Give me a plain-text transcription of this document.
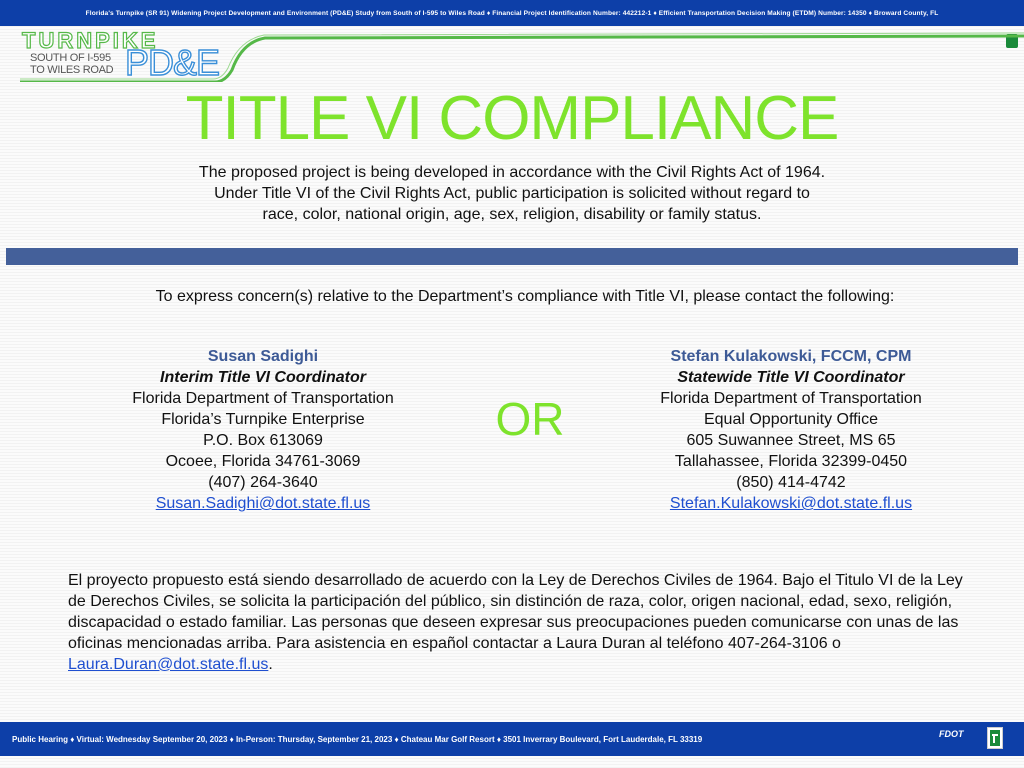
Florida's Turnpike (SR 91) Widening Project Development and Environment (PD&E) Study from South of I-595 to Wiles Road ♦ Financial Project Identification Number: 442212-1 ♦ Efficient Transportation Decision Making (ETDM) Number: 14350 ♦ Broward County, FL
TURNPIKE
SOUTH OF I-595
TO WILES ROAD PD&E
TITLE VI COMPLIANCE
The proposed project is being developed in accordance with the Civil Rights Act of 1964.
Under Title VI of the Civil Rights Act, public participation is solicited without regard to
race, color, national origin, age, sex, religion, disability or family status.
To express concern(s) relative to the Department’s compliance with Title VI, please contact the following:
Susan Sadighi
Interim Title VI Coordinator
Florida Department of Transportation
Florida’s Turnpike Enterprise
P.O. Box 613069
Ocoee, Florida 34761-3069
(407) 264-3640
Susan.Sadighi@dot.state.fl.us
OR
Stefan Kulakowski, FCCM, CPM
Statewide Title VI Coordinator
Florida Department of Transportation
Equal Opportunity Office
605 Suwannee Street, MS 65
Tallahassee, Florida 32399-0450
(850) 414-4742
Stefan.Kulakowski@dot.state.fl.us
El proyecto propuesto está siendo desarrollado de acuerdo con la Ley de Derechos Civiles de 1964. Bajo el Titulo VI de la Ley de Derechos Civiles, se solicita la participación del público, sin distinción de raza, color, origen nacional, edad, sexo, religión, discapacidad o estado familiar. Las personas que deseen expresar sus preocupaciones pueden comunicarse con unas de las oficinas mencionadas arriba. Para asistencia en español contactar a Laura Duran al teléfono 407-264-3106 o Laura.Duran@dot.state.fl.us.
Public Hearing ♦ Virtual: Wednesday September 20, 2023 ♦ In-Person: Thursday, September 21, 2023 ♦ Chateau Mar Golf Resort ♦ 3501 Inverrary Boulevard, Fort Lauderdale, FL 33319	FDOT
